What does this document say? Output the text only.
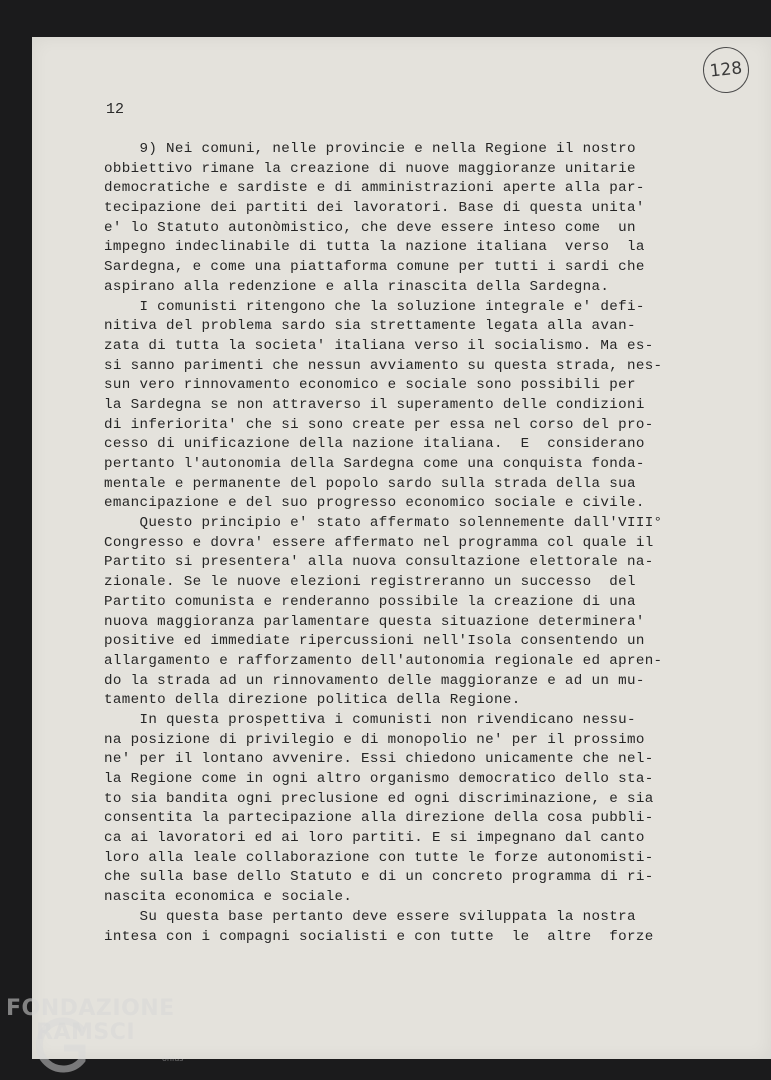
128
12
9) Nei comuni, nelle provincie e nella Regione il nostro
obbiettivo rimane la creazione di nuove maggioranze unitarie
democratiche e sardiste e di amministrazioni aperte alla par-
tecipazione dei partiti dei lavoratori. Base di questa unita'
e' lo Statuto autonòmistico, che deve essere inteso come  un
impegno indeclinabile di tutta la nazione italiana  verso  la
Sardegna, e come una piattaforma comune per tutti i sardi che
aspirano alla redenzione e alla rinascita della Sardegna.
I comunisti ritengono che la soluzione integrale e' defi-
nitiva del problema sardo sia strettamente legata alla avan-
zata di tutta la societa' italiana verso il socialismo. Ma es-
si sanno parimenti che nessun avviamento su questa strada, nes-
sun vero rinnovamento economico e sociale sono possibili per
la Sardegna se non attraverso il superamento delle condizioni
di inferiorita' che si sono create per essa nel corso del pro-
cesso di unificazione della nazione italiana.  E  considerano
pertanto l'autonomia della Sardegna come una conquista fonda-
mentale e permanente del popolo sardo sulla strada della sua
emancipazione e del suo progresso economico sociale e civile.
Questo principio e' stato affermato solennemente dall'VIII°
Congresso e dovra' essere affermato nel programma col quale il
Partito si presentera' alla nuova consultazione elettorale na-
zionale. Se le nuove elezioni registreranno un successo  del
Partito comunista e renderanno possibile la creazione di una
nuova maggioranza parlamentare questa situazione determinera'
positive ed immediate ripercussioni nell'Isola consentendo un
allargamento e rafforzamento dell'autonomia regionale ed apren-
do la strada ad un rinnovamento delle maggioranze e ad un mu-
tamento della direzione politica della Regione.
In questa prospettiva i comunisti non rivendicano nessu-
na posizione di privilegio e di monopolio ne' per il prossimo
ne' per il lontano avvenire. Essi chiedono unicamente che nel-
la Regione come in ogni altro organismo democratico dello sta-
to sia bandita ogni preclusione ed ogni discriminazione, e sia
consentita la partecipazione alla direzione della cosa pubbli-
ca ai lavoratori ed ai loro partiti. E si impegnano dal canto
loro alla leale collaborazione con tutte le forze autonomisti-
che sulla base dello Statuto e di un concreto programma di ri-
nascita economica e sociale.
Su questa base pertanto deve essere sviluppata la nostra
intesa con i compagni socialisti e con tutte  le  altre  forze
FONDAZIONE
RAMSCI
onlus
